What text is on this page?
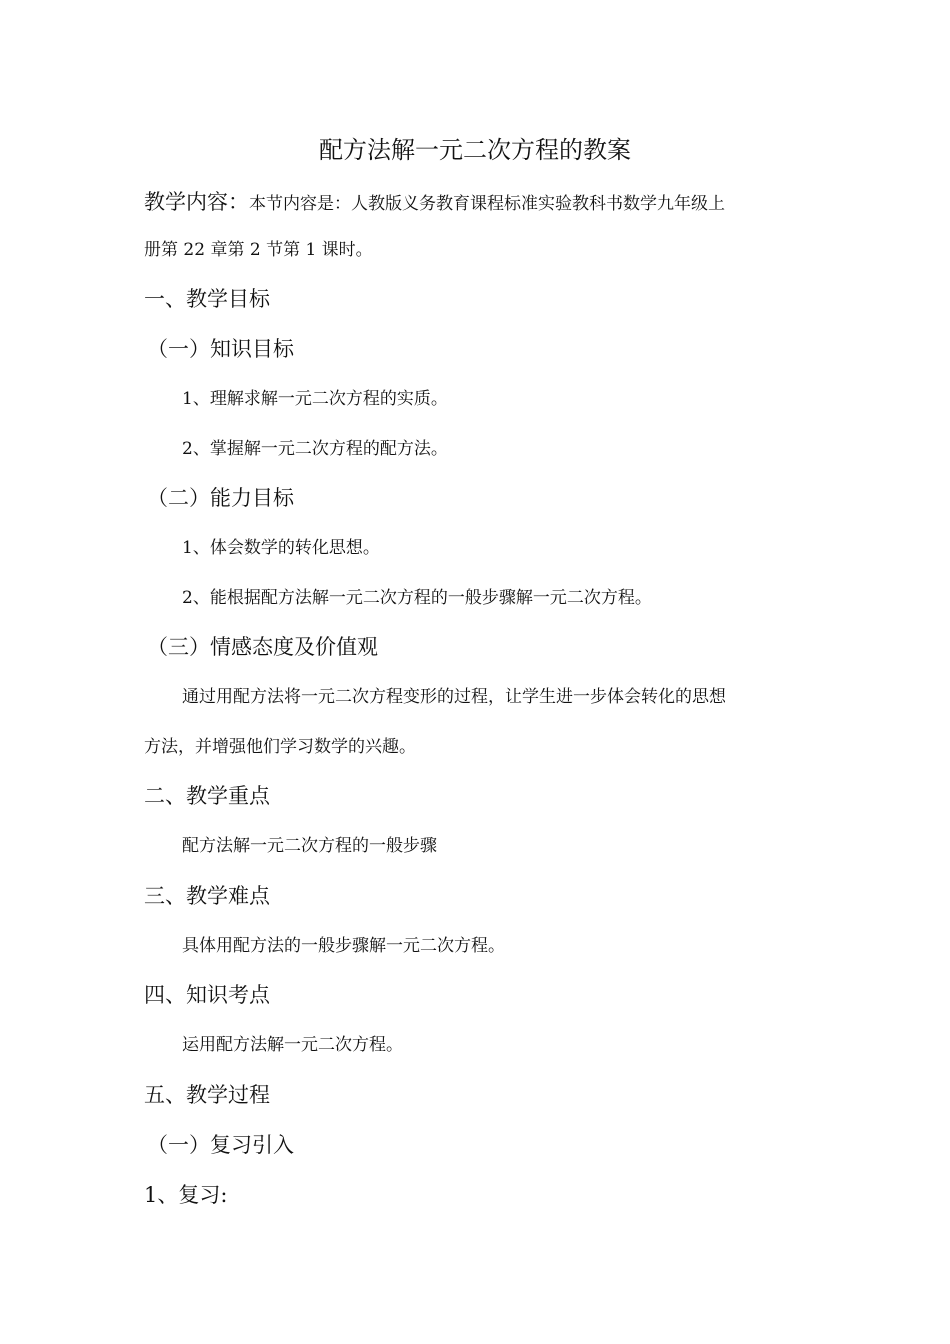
配方法解一元二次方程的教案
教学内容：本节内容是：人教版义务教育课程标准实验教科书数学九年级上
册第 22 章第 2 节第 1 课时。
一、教学目标
（一）知识目标
1、理解求解一元二次方程的实质。
2、掌握解一元二次方程的配方法。
（二）能力目标
1、体会数学的转化思想。
2、能根据配方法解一元二次方程的一般步骤解一元二次方程。
（三）情感态度及价值观
通过用配方法将一元二次方程变形的过程，让学生进一步体会转化的思想
方法，并增强他们学习数学的兴趣。
二、教学重点
配方法解一元二次方程的一般步骤
三、教学难点
具体用配方法的一般步骤解一元二次方程。
四、知识考点
运用配方法解一元二次方程。
五、教学过程
（一）复习引入
1、复习:
